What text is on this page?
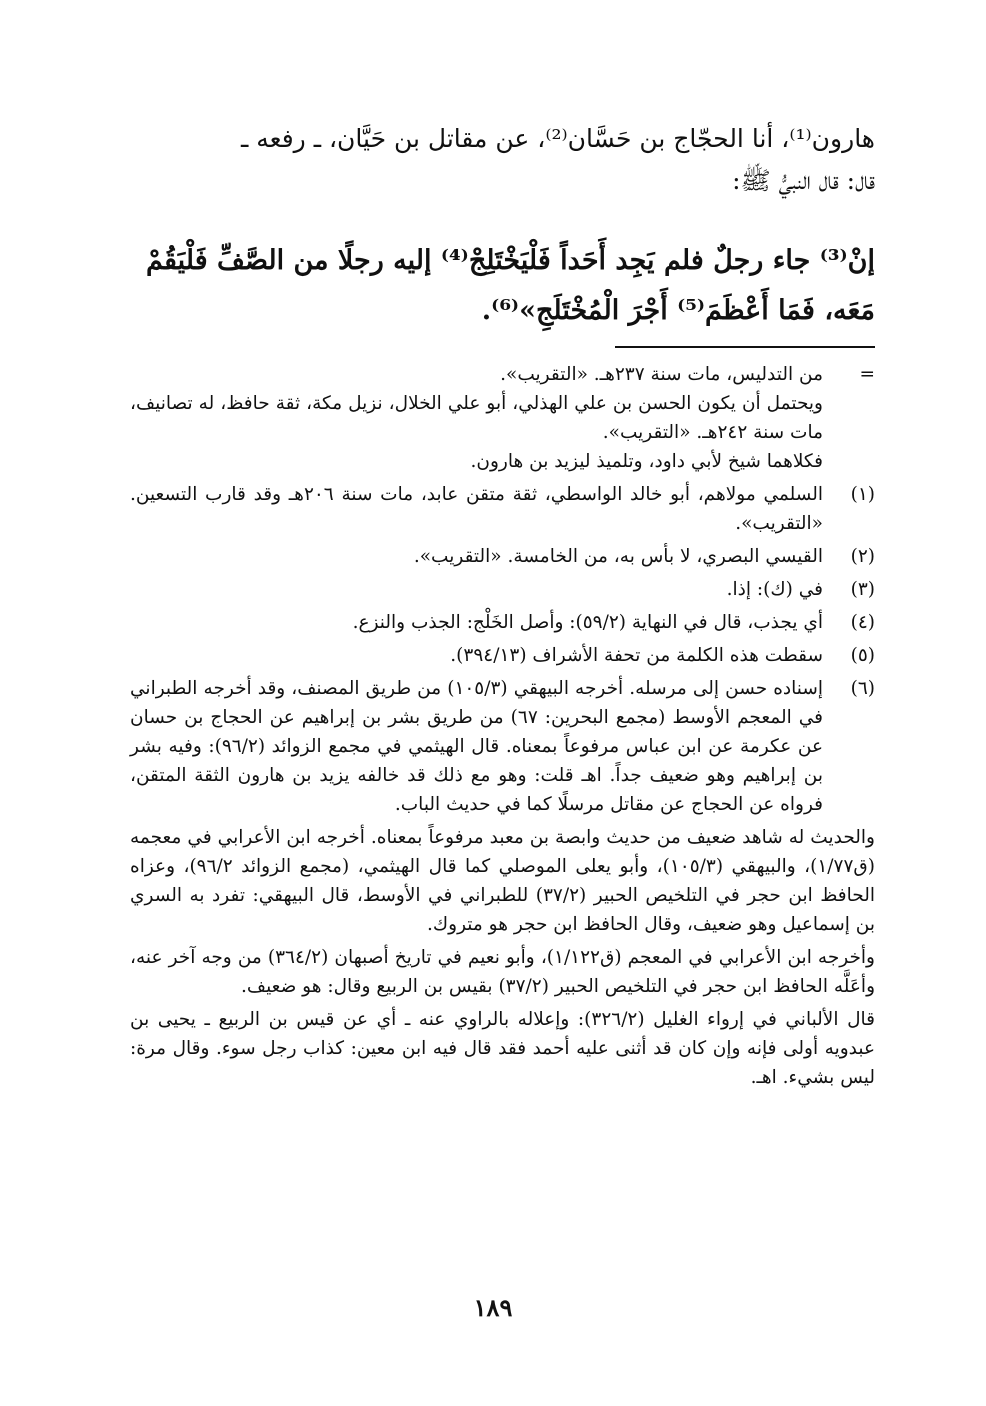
هارون⁽¹⁾، أنا الحجّاج بن حَسَّان⁽²⁾، عن مقاتل بن حَيَّان، ـ رفعه ـ
قال: قال النبيُّ ﷺ:
إنْ⁽³⁾ جاء رجلٌ فلم يَجِد أَحَداً فَلْيَخْتَلِجْ⁽⁴⁾ إليه رجلًا من الصَّفِّ فَلْيَقُمْ
مَعَه، فَمَا أَعْظَمَ⁽⁵⁾ أَجْرَ الْمُخْتَلَجِ»⁽⁶⁾.
=
من التدليس، مات سنة ٢٣٧هـ. «التقريب».
ويحتمل أن يكون الحسن بن علي الهذلي، أبو علي الخلال، نزيل مكة، ثقة حافظ، له تصانيف، مات سنة ٢٤٢هـ. «التقريب».
فكلاهما شيخ لأبي داود، وتلميذ ليزيد بن هارون.
(١)
السلمي مولاهم، أبو خالد الواسطي، ثقة متقن عابد، مات سنة ٢٠٦هـ وقد قارب التسعين. «التقريب».
(٢)
القيسي البصري، لا بأس به، من الخامسة. «التقريب».
(٣)
في (ك): إذا.
(٤)
أي يجذب، قال في النهاية (٥٩/٢): وأصل الخَلْج: الجذب والنزع.
(٥)
سقطت هذه الكلمة من تحفة الأشراف (٣٩٤/١٣).
(٦)
إسناده حسن إلى مرسله. أخرجه البيهقي (١٠٥/٣) من طريق المصنف، وقد أخرجه الطبراني في المعجم الأوسط (مجمع البحرين: ٦٧) من طريق بشر بن إبراهيم عن الحجاج بن حسان عن عكرمة عن ابن عباس مرفوعاً بمعناه. قال الهيثمي في مجمع الزوائد (٩٦/٢): وفيه بشر بن إبراهيم وهو ضعيف جداً. اهـ قلت: وهو مع ذلك قد خالفه يزيد بن هارون الثقة المتقن، فرواه عن الحجاج عن مقاتل مرسلًا كما في حديث الباب.
والحديث له شاهد ضعيف من حديث وابصة بن معبد مرفوعاً بمعناه. أخرجه ابن الأعرابي في معجمه (ق١/٧٧)، والبيهقي (١٠٥/٣)، وأبو يعلى الموصلي كما قال الهيثمي، (مجمع الزوائد ٩٦/٢)، وعزاه الحافظ ابن حجر في التلخيص الحبير (٣٧/٢) للطبراني في الأوسط، قال البيهقي: تفرد به السري بن إسماعيل وهو ضعيف، وقال الحافظ ابن حجر هو متروك.
وأخرجه ابن الأعرابي في المعجم (ق١/١٢٢)، وأبو نعيم في تاريخ أصبهان (٣٦٤/٢) من وجه آخر عنه، وأعَلَّه الحافظ ابن حجر في التلخيص الحبير (٣٧/٢) بقيس بن الربيع وقال: هو ضعيف.
قال الألباني في إرواء الغليل (٣٢٦/٢): وإعلاله بالراوي عنه ـ أي عن قيس بن الربيع ـ يحيى بن عبدويه أولى فإنه وإن كان قد أثنى عليه أحمد فقد قال فيه ابن معين: كذاب رجل سوء. وقال مرة: ليس بشيء. اهـ.
١٨٩
